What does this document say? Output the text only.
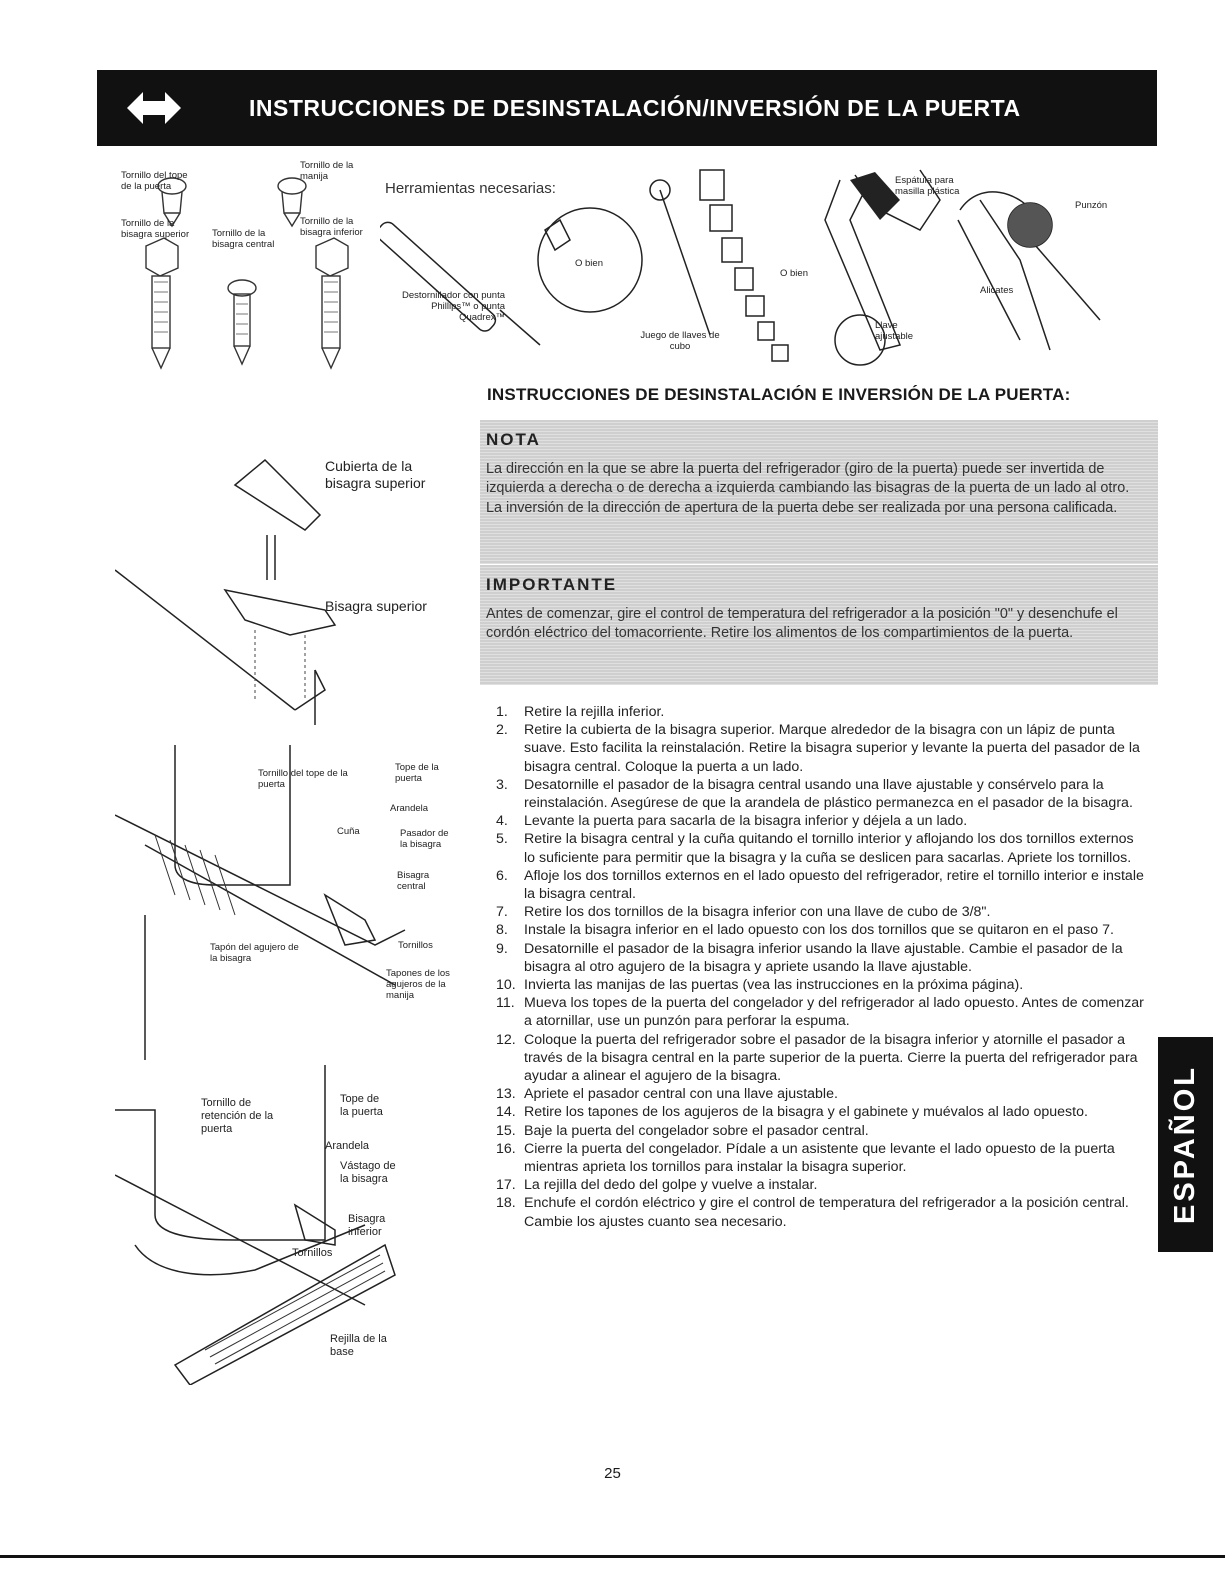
INSTRUCCIONES DE DESINSTALACIÓN/INVERSIÓN DE LA PUERTA
Tornillo del tope de la puerta
Tornillo de la manija
Tornillo de la bisagra superior	Tornillo de la bisagra central
Tornillo de la bisagra inferior
Herramientas necesarias:
Destornillador con punta Phillips™ o punta Quadrex™
O bien
O bien
Juego de llaves de cubo
Llave ajustable
Espátula para masilla plástica
Alicates
Punzón
Cubierta de la bisagra superior
Bisagra superior
Tornillo del tope de la puerta
Tope de la puerta
Arandela
Cuña	Pasador de la bisagra
Bisagra central
Tapón del agujero de la bisagra
Tornillos
Tapones de los agujeros de la manija
Tornillo de retención de la puerta
Tope de la puerta
Arandela
Vástago de la bisagra
Bisagra inferior
Tornillos
Rejilla de la base
INSTRUCCIONES DE DESINSTALACIÓN E INVERSIÓN DE LA PUERTA:
NOTA
La dirección en la que se abre la puerta del refrigerador (giro de la puerta) puede ser invertida de izquierda a derecha o de derecha a izquierda cambiando las bisagras de la puerta de un lado al otro. La inversión de la dirección de apertura de la puerta debe ser realizada por una persona calificada.
IMPORTANTE
Antes de comenzar, gire el control de temperatura del refrigerador a la posición "0" y desenchufe el cordón eléctrico del tomacorriente. Retire los alimentos de los compartimientos de la puerta.
1. Retire la rejilla inferior.
2. Retire la cubierta de la bisagra superior. Marque alrededor de la bisagra con un lápiz de punta suave. Esto facilita la reinstalación. Retire la bisagra superior y levante la puerta del pasador de la bisagra central. Coloque la puerta a un lado.
3. Desatornille el pasador de la bisagra central usando una llave ajustable y consérvelo para la reinstalación. Asegúrese de que la arandela de plástico permanezca en el pasador de la bisagra.
4. Levante la puerta para sacarla de la bisagra inferior y déjela a un lado.
5. Retire la bisagra central y la cuña quitando el tornillo interior y aflojando los dos tornillos externos lo suficiente para permitir que la bisagra y la cuña se deslicen para sacarlas. Apriete los tornillos.
6. Afloje los dos tornillos externos en el lado opuesto del refrigerador, retire el tornillo interior e instale la bisagra central.
7. Retire los dos tornillos de la bisagra inferior con una llave de cubo de 3/8".
8. Instale la bisagra inferior en el lado opuesto con los dos tornillos que se quitaron en el paso 7.
9. Desatornille el pasador de la bisagra inferior usando la llave ajustable. Cambie el pasador de la bisagra al otro agujero de la bisagra y apriete usando la llave ajustable.
10. Invierta las manijas de las puertas (vea las instrucciones en la próxima página).
11. Mueva los topes de la puerta del congelador y del refrigerador al lado opuesto. Antes de comenzar a atornillar, use un punzón para perforar la espuma.
12. Coloque la puerta del refrigerador sobre el pasador de la bisagra inferior y atornille el pasador a través de la bisagra central en la parte superior de la puerta. Cierre la puerta del refrigerador para ayudar a alinear el agujero de la bisagra.
13. Apriete el pasador central con una llave ajustable.
14. Retire los tapones de los agujeros de la bisagra y el gabinete y muévalos al lado opuesto.
15. Baje la puerta del congelador sobre el pasador central.
16. Cierre la puerta del congelador. Pídale a un asistente que levante el lado opuesto de la puerta mientras aprieta los tornillos para instalar la bisagra superior.
17. La rejilla del dedo del golpe y vuelve a instalar.
18. Enchufe el cordón eléctrico y gire el control de temperatura del refrigerador a la posición central. Cambie los ajustes cuanto sea necesario.	ESPAÑOL
25
